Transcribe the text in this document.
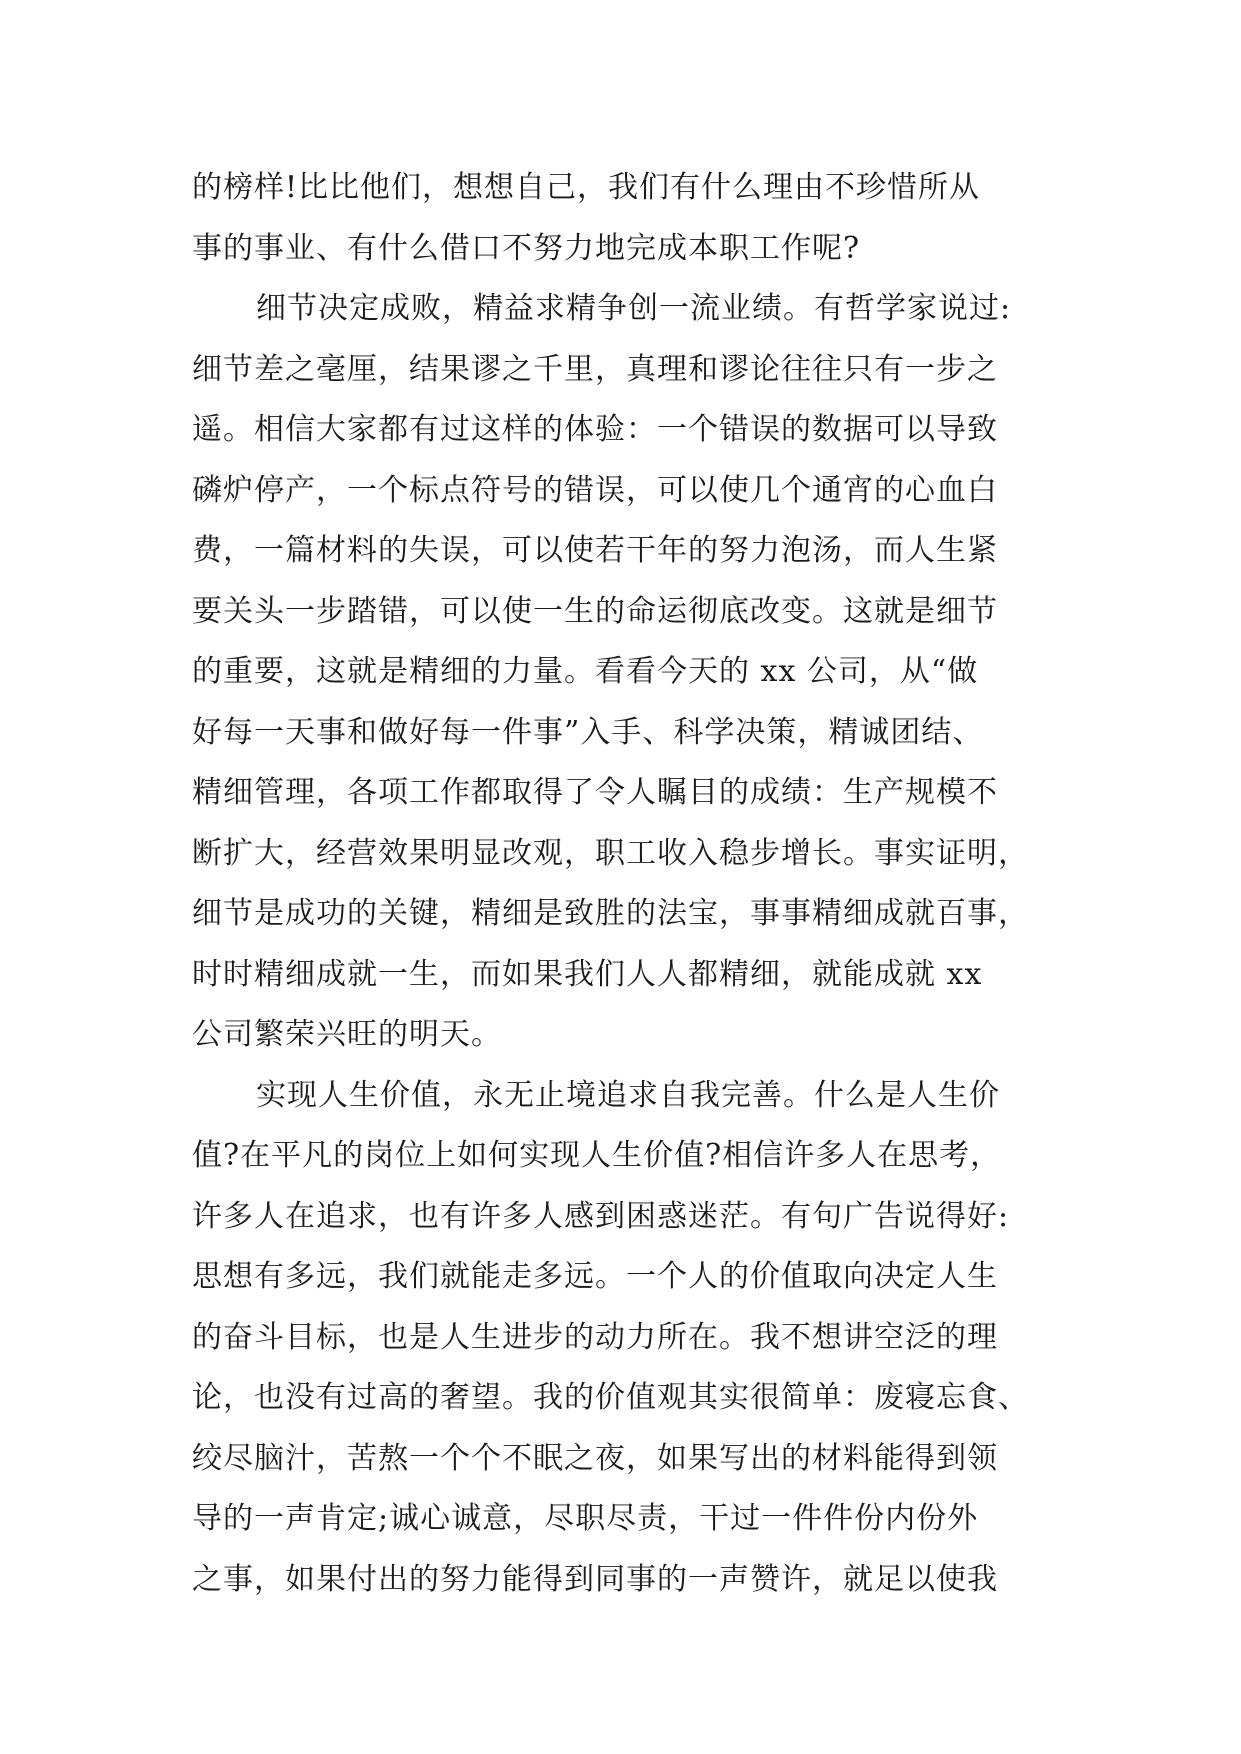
的榜样!比比他们，想想自己，我们有什么理由不珍惜所从
事的事业、有什么借口不努力地完成本职工作呢?
细节决定成败，精益求精争创一流业绩。有哲学家说过:
细节差之毫厘，结果谬之千里，真理和谬论往往只有一步之
遥。相信大家都有过这样的体验：一个错误的数据可以导致
磷炉停产，一个标点符号的错误，可以使几个通宵的心血白
费，一篇材料的失误，可以使若干年的努力泡汤，而人生紧
要关头一步踏错，可以使一生的命运彻底改变。这就是细节
的重要，这就是精细的力量。看看今天的 xx 公司，从“做
好每一天事和做好每一件事”入手、科学决策，精诚团结、
精细管理，各项工作都取得了令人瞩目的成绩：生产规模不
断扩大，经营效果明显改观，职工收入稳步增长。事实证明，
细节是成功的关键，精细是致胜的法宝，事事精细成就百事，
时时精细成就一生，而如果我们人人都精细，就能成就 xx
公司繁荣兴旺的明天。
实现人生价值，永无止境追求自我完善。什么是人生价
值?在平凡的岗位上如何实现人生价值?相信许多人在思考，
许多人在追求，也有许多人感到困惑迷茫。有句广告说得好:
思想有多远，我们就能走多远。一个人的价值取向决定人生
的奋斗目标，也是人生进步的动力所在。我不想讲空泛的理
论，也没有过高的奢望。我的价值观其实很简单：废寝忘食、
绞尽脑汁，苦熬一个个不眠之夜，如果写出的材料能得到领
导的一声肯定;诚心诚意，尽职尽责，干过一件件份内份外
之事，如果付出的努力能得到同事的一声赞许，就足以使我
